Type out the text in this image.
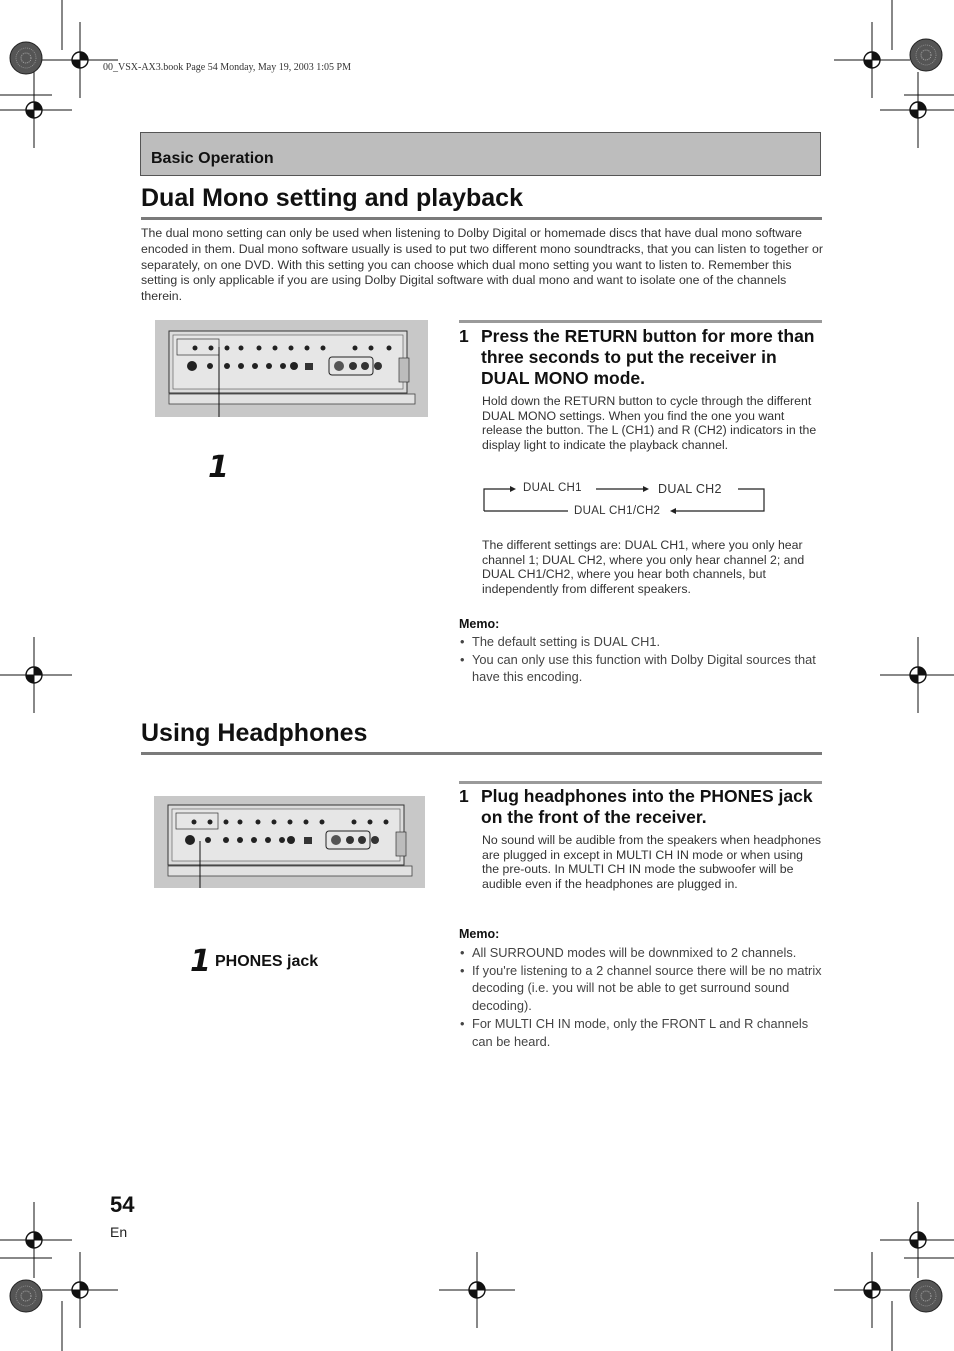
00_VSX-AX3.book Page 54 Monday, May 19, 2003 1:05 PM
Basic Operation
Dual Mono setting and playback
The dual mono setting can only be used when listening to Dolby Digital or homemade discs that have dual mono software encoded in them. Dual mono software usually is used to put two different mono soundtracks, that you can listen to together or separately, on one DVD. With this setting you can choose which dual mono setting you want to listen to. Remember this setting is only applicable if you are using Dolby Digital software with dual mono and want to isolate one of the channels therein.
1
1 Press the RETURN button for more than three seconds to put the receiver in DUAL MONO mode.
Hold down the RETURN button to cycle through the different DUAL MONO settings. When you find the one you want release the button. The L (CH1) and R (CH2) indicators in the display light to indicate the playback channel.
DUAL CH1	DUAL CH2
DUAL CH1/CH2
The different settings are: DUAL CH1, where you only hear channel 1; DUAL CH2, where you only hear channel 2; and DUAL CH1/CH2, where you hear both channels, but independently from different speakers.
Memo:
• The default setting is DUAL CH1.
• You can only use this function with Dolby Digital sources that have this encoding.
Using Headphones
1 PHONES jack
1 Plug headphones into the PHONES jack on the front of the receiver.
No sound will be audible from the speakers when headphones are plugged in except in MULTI CH IN mode or when using the pre-outs. In MULTI CH IN mode the subwoofer will be audible even if the headphones are plugged in.
Memo:
• All SURROUND modes will be downmixed to 2 channels.
• If you're listening to a 2 channel source there will be no matrix decoding (i.e. you will not be able to get surround sound decoding).
• For MULTI CH IN mode, only the FRONT L and R channels can be heard.
54
En
